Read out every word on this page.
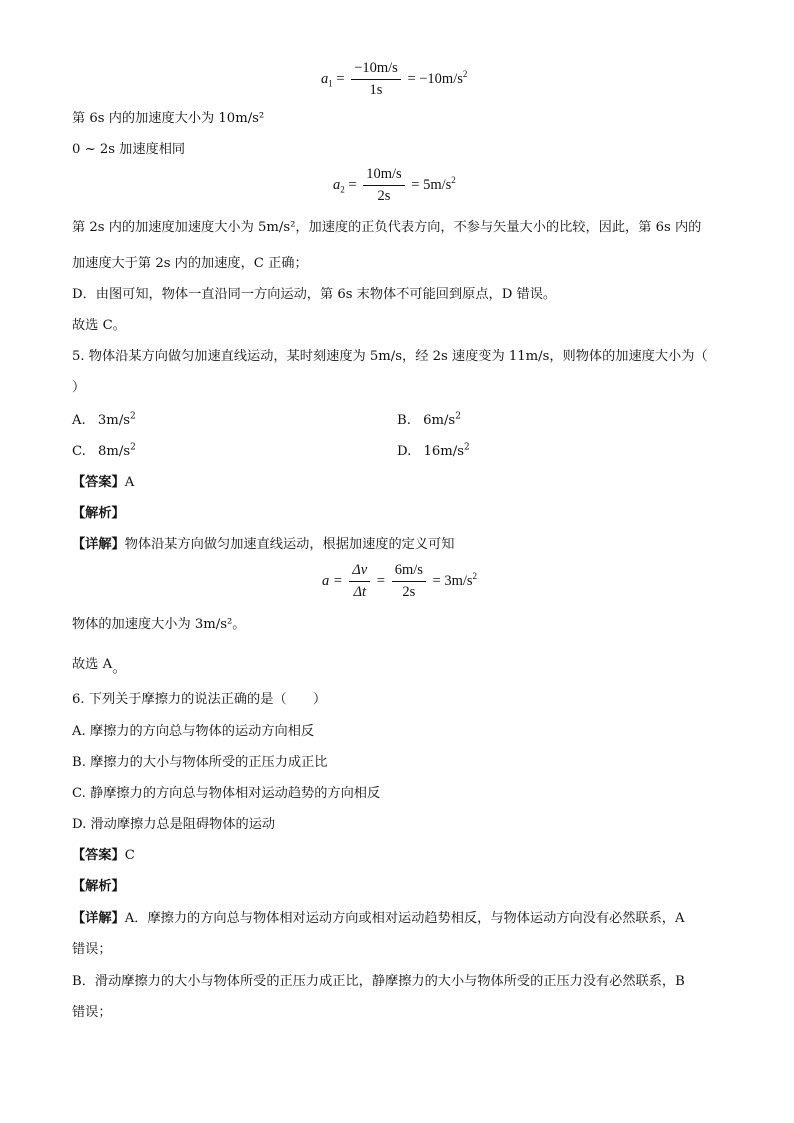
$a_1 = \frac{-10m/s}{1s} = -10m/s^2$
第 6s 内的加速度大小为 10m/s²
0 ~ 2s 加速度相同
$a_2 = \frac{10m/s}{2s} = 5m/s^2$
第 2s 内的加速度加速度大小为 5m/s²，加速度的正负代表方向，不参与矢量大小的比较，因此，第 6s 内的
加速度大于第 2s 内的加速度，C 正确；
D．由图可知，物体一直沿同一方向运动，第 6s 末物体不可能回到原点，D 错误。
故选 C。
5. 物体沿某方向做匀加速直线运动，某时刻速度为 5m/s，经 2s 速度变为 11m/s，则物体的加速度大小为（
）
A. $3m/s^2$	B. $6m/s^2$
C. $8m/s^2$	D. $16m/s^2$
【答案】A
【解析】
【详解】物体沿某方向做匀加速直线运动，根据加速度的定义可知
$a = \frac{\Delta v}{\Delta t} = \frac{6m/s}{2s} = 3m/s^2$
物体的加速度大小为 3m/s²。
故选 A。
6. 下列关于摩擦力的说法正确的是（　　）
A. 摩擦力的方向总与物体的运动方向相反
B. 摩擦力的大小与物体所受的正压力成正比
C. 静摩擦力的方向总与物体相对运动趋势的方向相反
D. 滑动摩擦力总是阻碍物体的运动
【答案】C
【解析】
【详解】A．摩擦力的方向总与物体相对运动方向或相对运动趋势相反，与物体运动方向没有必然联系，A
错误；
B．滑动摩擦力的大小与物体所受的正压力成正比，静摩擦力的大小与物体所受的正压力没有必然联系，B
错误；
